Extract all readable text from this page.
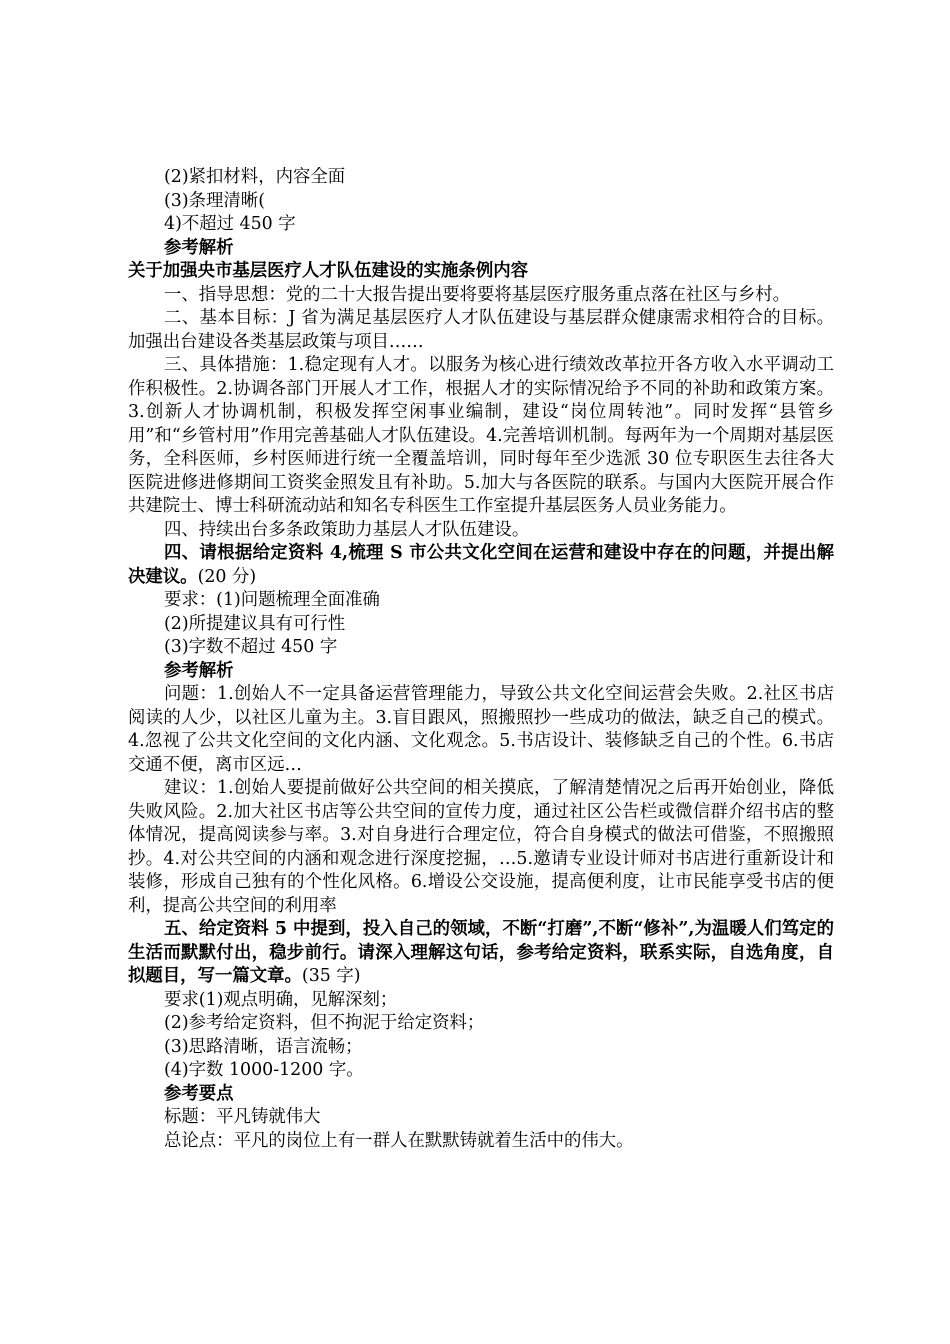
(2)紧扣材料，内容全面
(3)条理清晰(
4)不超过 450 字
参考解析
关于加强央市基层医疗人才队伍建设的实施条例内容
一、指导思想：党的二十大报告提出要将要将基层医疗服务重点落在社区与乡村。
二、基本目标：J 省为满足基层医疗人才队伍建设与基层群众健康需求相符合的目标。加强出台建设各类基层政策与项目……
三、具体措施：1.稳定现有人才。以服务为核心进行绩效改革拉开各方收入水平调动工作积极性。2.协调各部门开展人才工作，根据人才的实际情况给予不同的补助和政策方案。3.创新人才协调机制，积极发挥空闲事业编制，建设“岗位周转池”。同时发挥“县管乡用”和“乡管村用”作用完善基础人才队伍建设。4.完善培训机制。每两年为一个周期对基层医务，全科医师，乡村医师进行统一全覆盖培训，同时每年至少选派 30 位专职医生去往各大医院进修进修期间工资奖金照发且有补助。5.加大与各医院的联系。与国内大医院开展合作共建院士、博士科研流动站和知名专科医生工作室提升基层医务人员业务能力。
四、持续出台多条政策助力基层人才队伍建设。
四、请根据给定资料 4,梳理 S 市公共文化空间在运营和建设中存在的问题，并提出解决建议。(20 分)
要求：(1)问题梳理全面准确
(2)所提建议具有可行性
(3)字数不超过 450 字
参考解析
问题：1.创始人不一定具备运营管理能力，导致公共文化空间运营会失败。2.社区书店阅读的人少，以社区儿童为主。3.盲目跟风，照搬照抄一些成功的做法，缺乏自己的模式。4.忽视了公共文化空间的文化内涵、文化观念。5.书店设计、装修缺乏自己的个性。6.书店交通不便，离市区远…
建议：1.创始人要提前做好公共空间的相关摸底，了解清楚情况之后再开始创业，降低失败风险。2.加大社区书店等公共空间的宣传力度，通过社区公告栏或微信群介绍书店的整体情况，提高阅读参与率。3.对自身进行合理定位，符合自身模式的做法可借鉴，不照搬照抄。4.对公共空间的内涵和观念进行深度挖掘，…5.邀请专业设计师对书店进行重新设计和装修，形成自己独有的个性化风格。6.增设公交设施，提高便利度，让市民能享受书店的便利，提高公共空间的利用率
五、给定资料 5 中提到，投入自己的领域，不断“打磨”,不断“修补”,为温暖人们笃定的生活而默默付出，稳步前行。请深入理解这句话，参考给定资料，联系实际，自选角度，自拟题目，写一篇文章。(35 字)
要求(1)观点明确，见解深刻；
(2)参考给定资料，但不拘泥于给定资料；
(3)思路清晰，语言流畅；
(4)字数 1000-1200 字。
参考要点
标题：平凡铸就伟大
总论点：平凡的岗位上有一群人在默默铸就着生活中的伟大。
